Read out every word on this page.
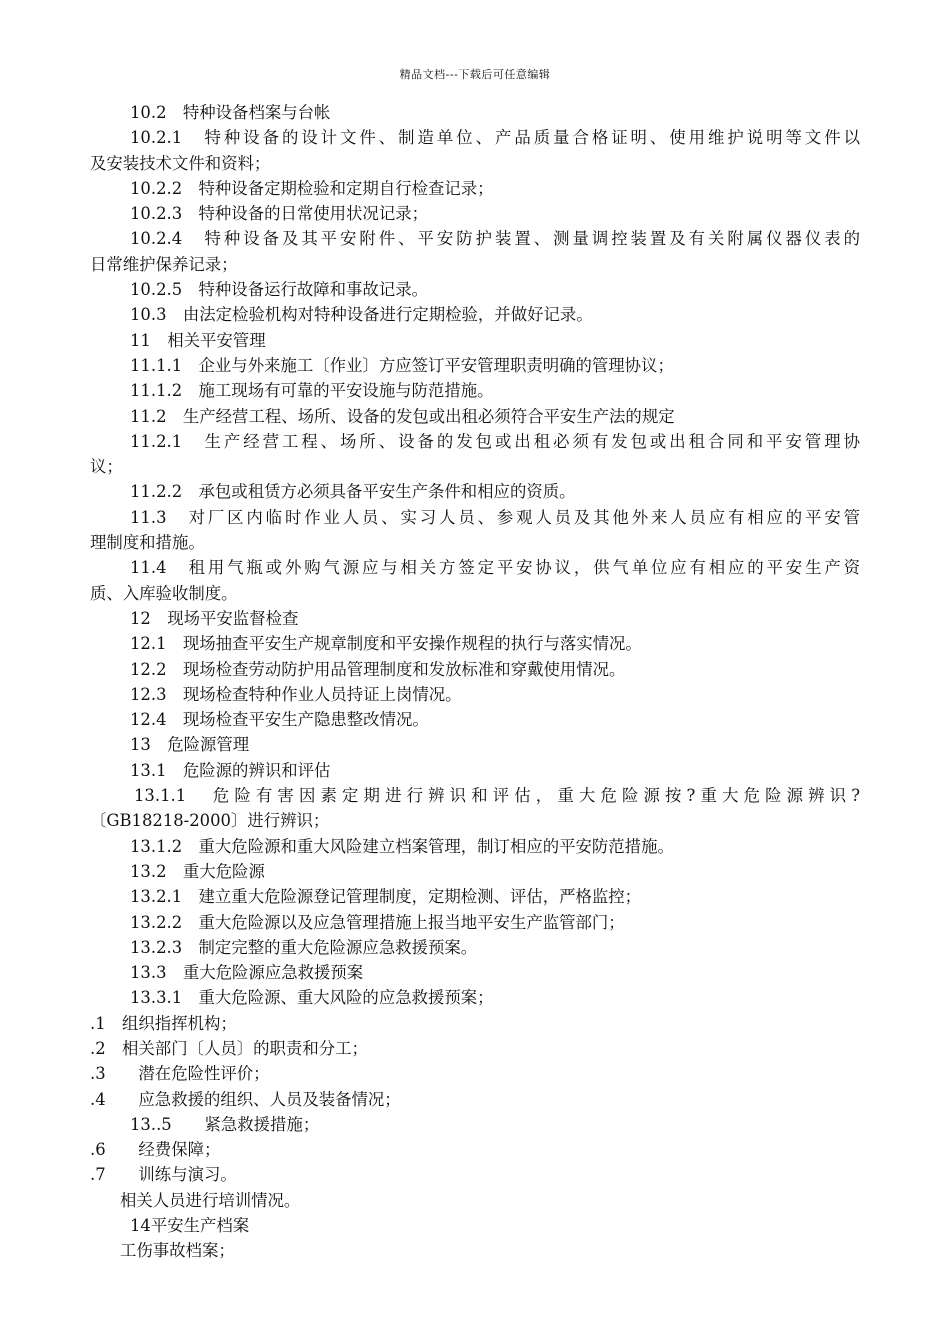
精品文档---下载后可任意编辑
10.2　特种设备档案与台帐
10.2.1　特种设备的设计文件、制造单位、产品质量合格证明、使用维护说明等文件以
及安装技术文件和资料；
10.2.2　特种设备定期检验和定期自行检查记录；
10.2.3　特种设备的日常使用状况记录；
10.2.4　特种设备及其平安附件、平安防护装置、测量调控装置及有关附属仪器仪表的
日常维护保养记录；
10.2.5　特种设备运行故障和事故记录。
10.3　由法定检验机构对特种设备进行定期检验，并做好记录。
11　相关平安管理
11.1.1　企业与外来施工〔作业〕方应签订平安管理职责明确的管理协议；
11.1.2　施工现场有可靠的平安设施与防范措施。
11.2　生产经营工程、场所、设备的发包或出租必须符合平安生产法的规定
11.2.1　生产经营工程、场所、设备的发包或出租必须有发包或出租合同和平安管理协
议；
11.2.2　承包或租赁方必须具备平安生产条件和相应的资质。
11.3　对厂区内临时作业人员、实习人员、参观人员及其他外来人员应有相应的平安管
理制度和措施。
11.4　租用气瓶或外购气源应与相关方签定平安协议，供气单位应有相应的平安生产资
质、入库验收制度。
12　现场平安监督检查
12.1　现场抽查平安生产规章制度和平安操作规程的执行与落实情况。
12.2　现场检查劳动防护用品管理制度和发放标准和穿戴使用情况。
12.3　现场检查特种作业人员持证上岗情况。
12.4　现场检查平安生产隐患整改情况。
13　危险源管理
13.1　危险源的辨识和评估
13.1.1　危险有害因素定期进行辨识和评估，重大危险源按?重大危险源辨识?
〔GB18218-2000〕进行辨识；
13.1.2　重大危险源和重大风险建立档案管理，制订相应的平安防范措施。
13.2　重大危险源
13.2.1　建立重大危险源登记管理制度，定期检测、评估，严格监控；
13.2.2　重大危险源以及应急管理措施上报当地平安生产监管部门；
13.2.3　制定完整的重大危险源应急救援预案。
13.3　重大危险源应急救援预案
13.3.1　重大危险源、重大风险的应急救援预案；
.1　组织指挥机构；
.2　相关部门〔人员〕的职责和分工；
.3　　潜在危险性评价；
.4　　应急救援的组织、人员及装备情况；
13..5　　紧急救援措施；
.6　　经费保障；
.7　　训练与演习。
相关人员进行培训情况。
14平安生产档案
工伤事故档案；
